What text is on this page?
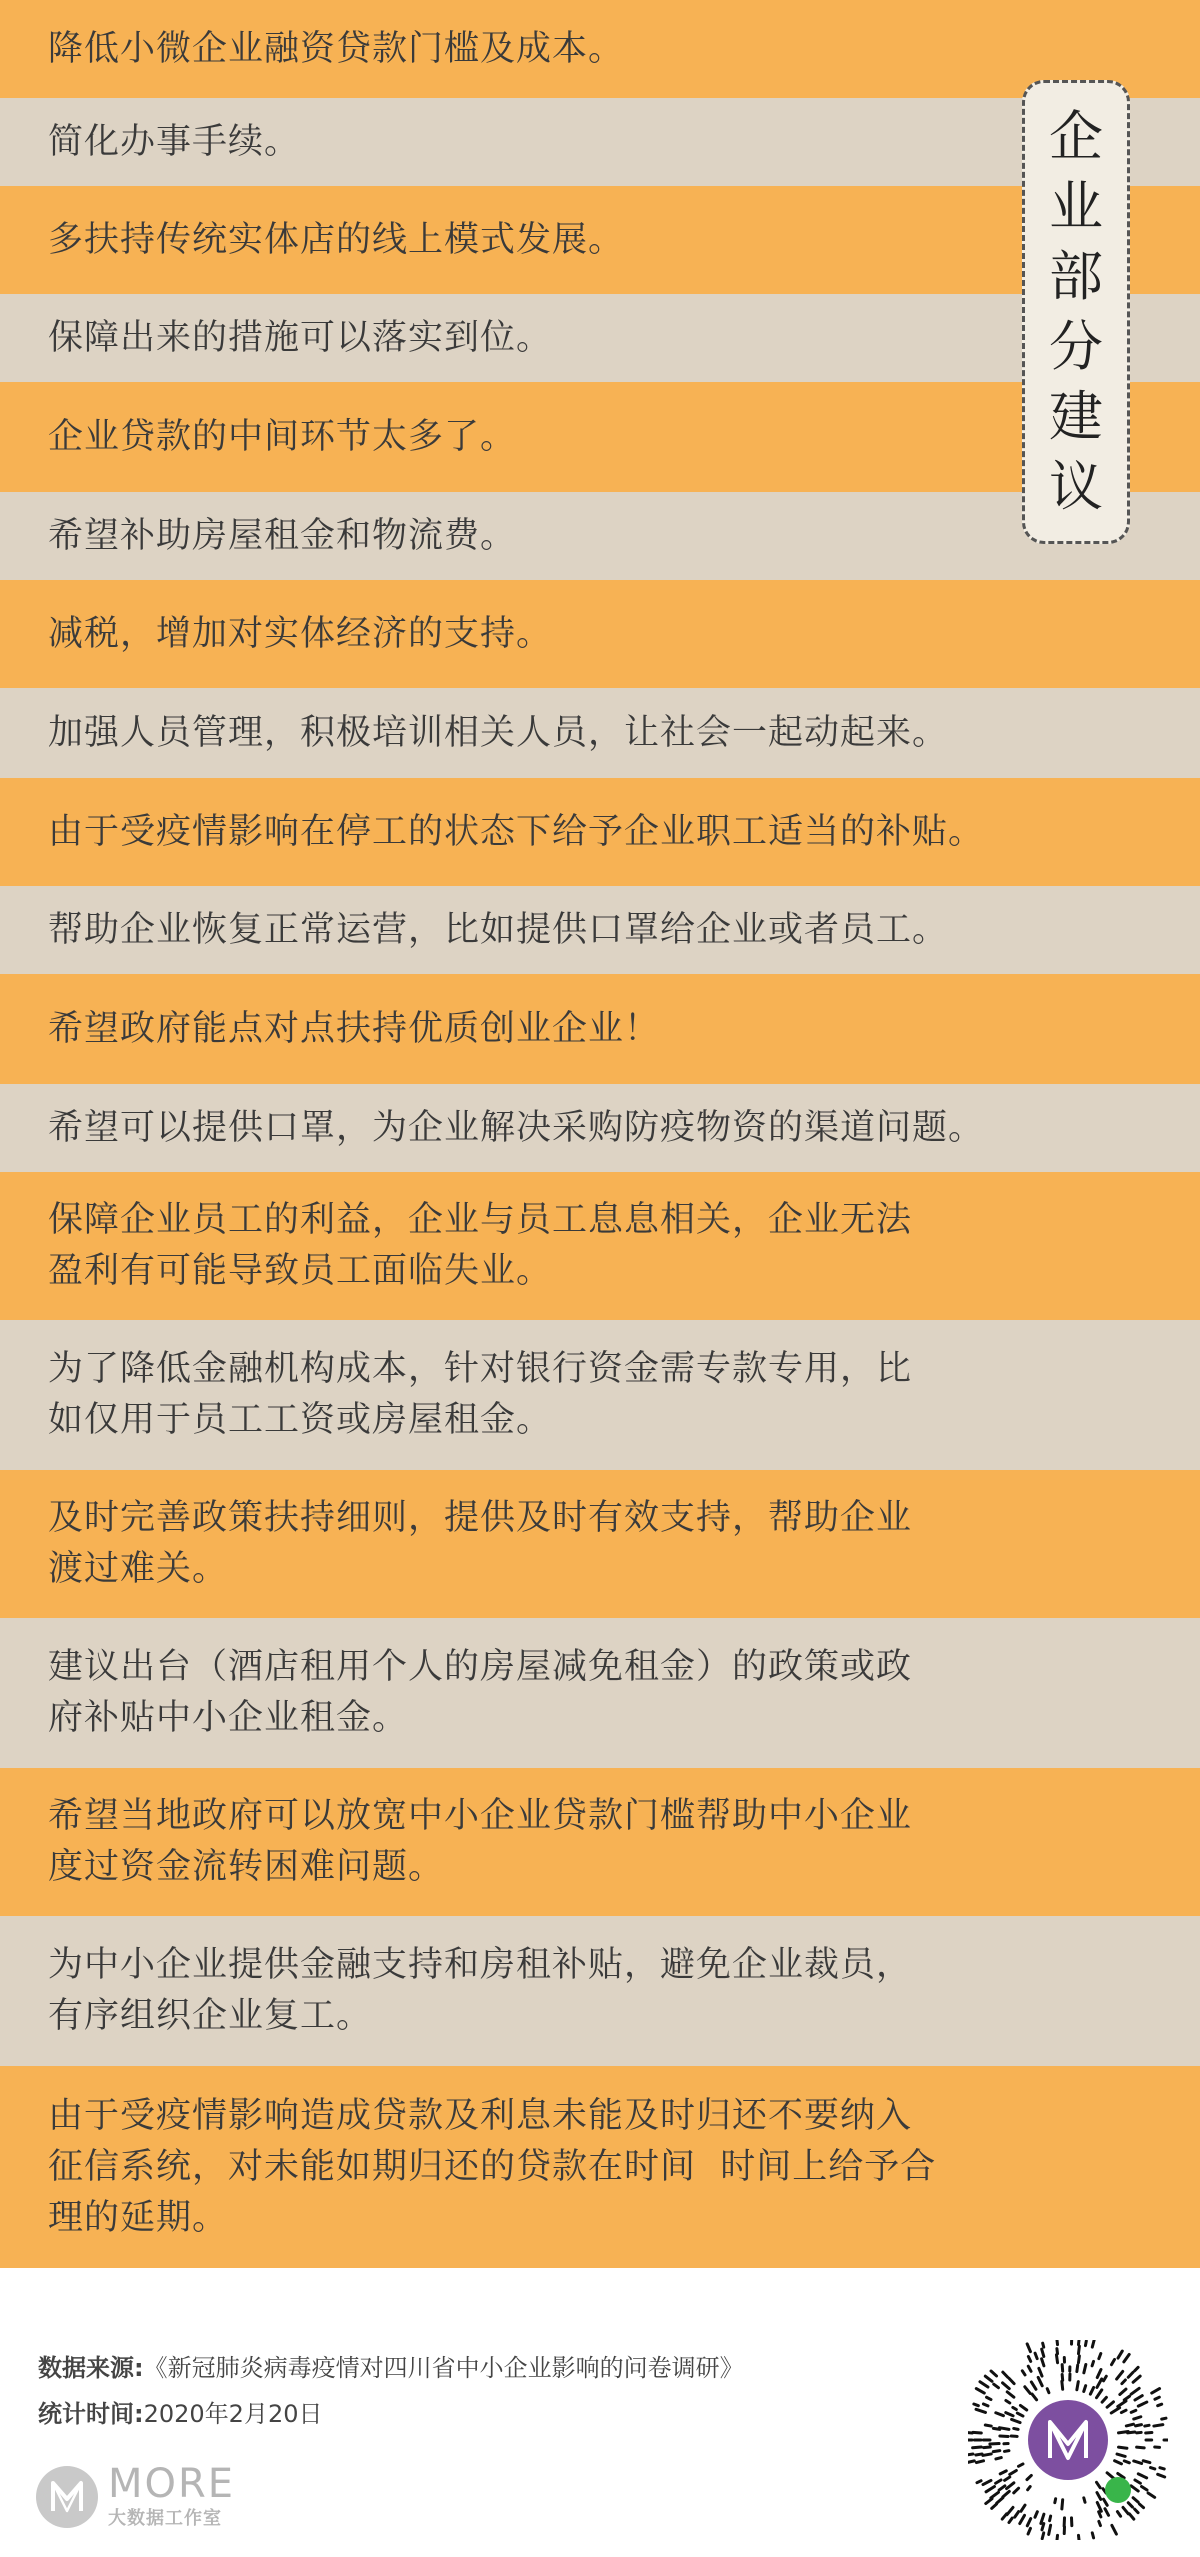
降低小微企业融资贷款门槛及成本。
简化办事手续。
多扶持传统实体店的线上模式发展。
保障出来的措施可以落实到位。
企业贷款的中间环节太多了。
希望补助房屋租金和物流费。
减税，增加对实体经济的支持。
加强人员管理，积极培训相关人员，让社会一起动起来。
由于受疫情影响在停工的状态下给予企业职工适当的补贴。
帮助企业恢复正常运营，比如提供口罩给企业或者员工。
希望政府能点对点扶持优质创业企业！
希望可以提供口罩，为企业解决采购防疫物资的渠道问题。
保障企业员工的利益，企业与员工息息相关，企业无法
盈利有可能导致员工面临失业。
为了降低金融机构成本，针对银行资金需专款专用，比
如仅用于员工工资或房屋租金。
及时完善政策扶持细则，提供及时有效支持，帮助企业
渡过难关。
建议出台（酒店租用个人的房屋减免租金）的政策或政
府补贴中小企业租金。
希望当地政府可以放宽中小企业贷款门槛帮助中小企业
度过资金流转困难问题。
为中小企业提供金融支持和房租补贴，避免企业裁员，
有序组织企业复工。
由于受疫情影响造成贷款及利息未能及时归还不要纳入
征信系统，对未能如期归还的贷款在时间  时间上给予合
理的延期。
企
业
部
分
建
议
数据来源:《新冠肺炎病毒疫情对四川省中小企业影响的问卷调研》
统计时间:2020年2月20日
MORE
大数据工作室
